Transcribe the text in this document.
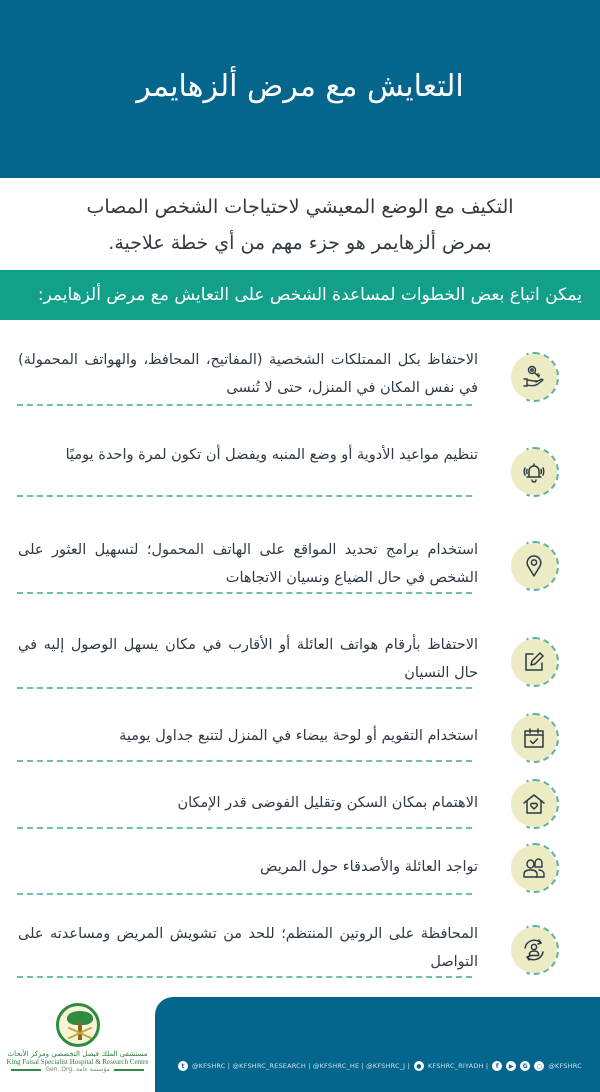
التعايش مع مرض ألزهايمر
التكيف مع الوضع المعيشي لاحتياجات الشخص المصاب
بمرض ألزهايمر هو جزء مهم من أي خطة علاجية.
يمكن اتباع بعض الخطوات لمساعدة الشخص على التعايش مع مرض ألزهايمر:
الاحتفاظ بكل الممتلكات الشخصية (المفاتيح، المحافظ، والهواتف المحمولة) في نفس المكان في المنزل، حتى لا تُنسى
تنظيم مواعيد الأدوية أو وضع المنبه ويفضل أن تكون لمرة واحدة يوميًا
استخدام برامج تحديد المواقع على الهاتف المحمول؛ لتسهيل العثور على الشخص في حال الضياع ونسيان الاتجاهات
الاحتفاظ بأرقام هواتف العائلة أو الأقارب في مكان يسهل الوصول إليه في حال النسيان
استخدام التقويم أو لوحة بيضاء في المنزل لتتبع جداول يومية
الاهتمام بمكان السكن وتقليل الفوضى قدر الإمكان
تواجد العائلة والأصدقاء حول المريض
المحافظة على الروتين المنتظم؛ للحد من تشويش المريض ومساعدته على التواصل
مستشفى الملك فيصل التخصصي ومركز الأبحاث
King Faisal Specialist Hospital & Research Centre
Gen. Org. مؤسسة عامة	t	@KFSHRC | @KFSHRC_RESEARCH | @KFSHRC_HE | @KFSHRC_J |	● KFSHRC_RIYADH |	f	▶	G	○ @KFSHRC
